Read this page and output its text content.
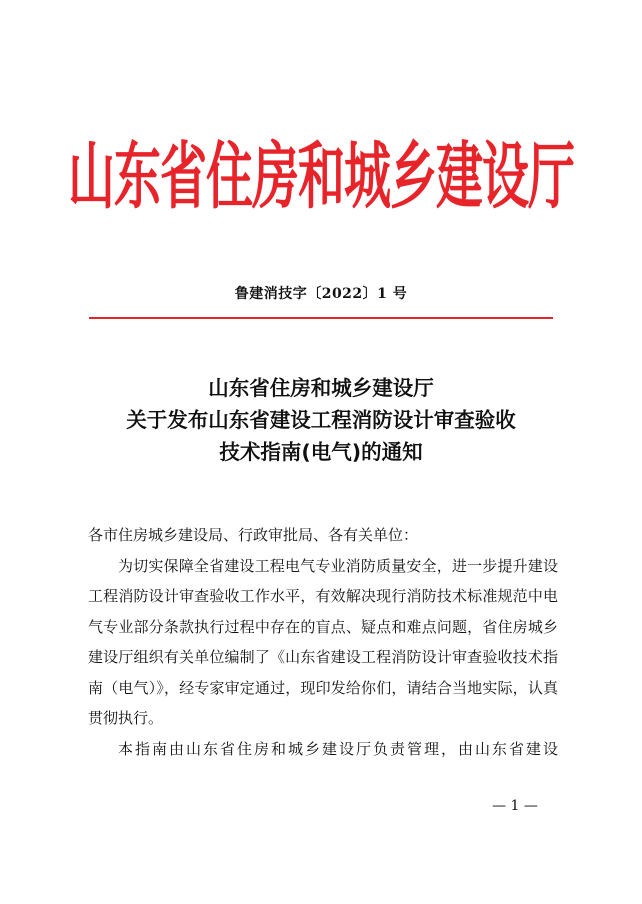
山东省住房和城乡建设厅
鲁建消技字〔2022〕1 号
山东省住房和城乡建设厅
关于发布山东省建设工程消防设计审查验收
技术指南(电气)的通知

各市住房城乡建设局、行政审批局、各有关单位：

为切实保障全省建设工程电气专业消防质量安全，进一步提升建设工程消防设计审查验收工作水平，有效解决现行消防技术标准规范中电气专业部分条款执行过程中存在的盲点、疑点和难点问题，省住房城乡建设厅组织有关单位编制了《山东省建设工程消防设计审查验收技术指南（电气）》，经专家审定通过，现印发给你们，请结合当地实际，认真贯彻执行。

本指南由山东省住房和城乡建设厅负责管理，由山东省建设

— 1 —
